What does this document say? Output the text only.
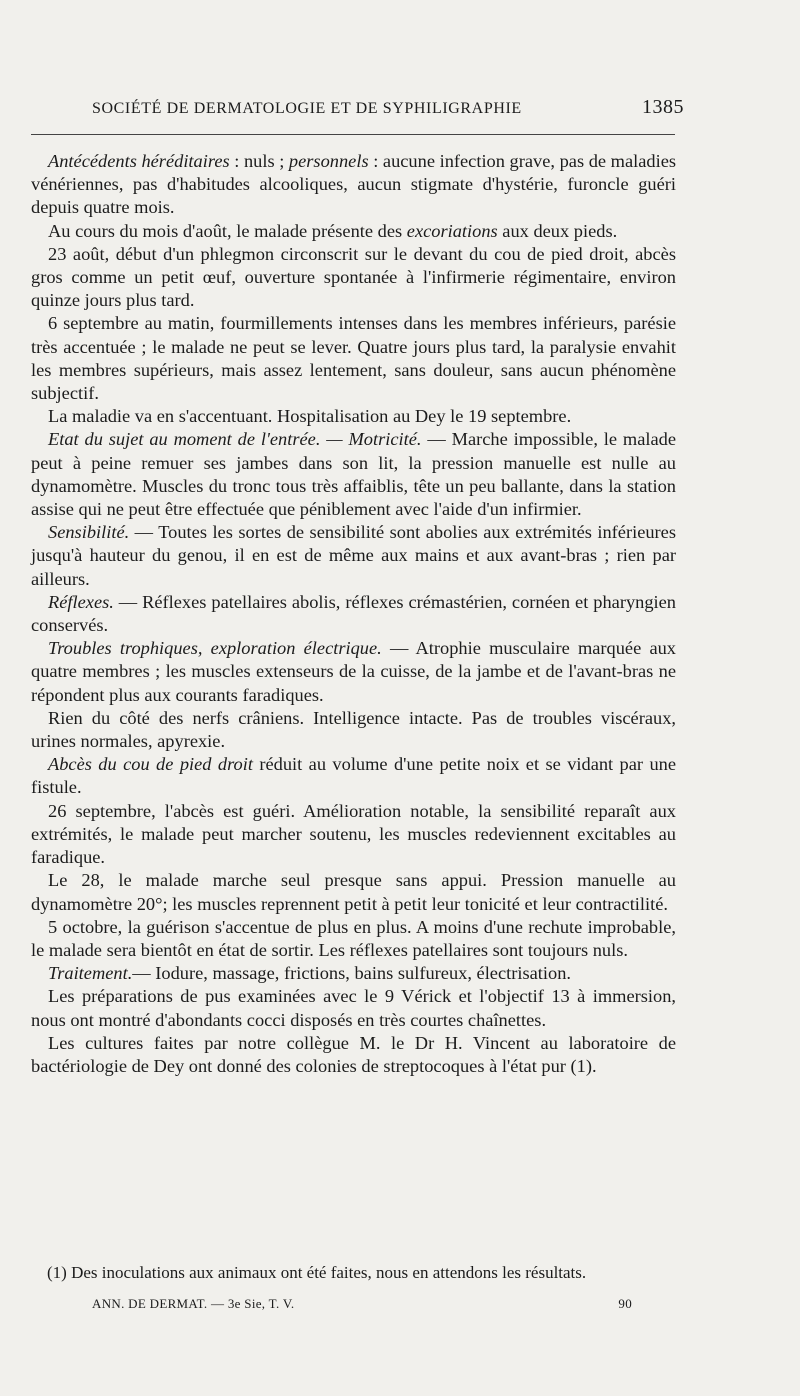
SOCIÉTÉ DE DERMATOLOGIE ET DE SYPHILIGRAPHIE	1385

Antécédents héréditaires : nuls ; personnels : aucune infection grave, pas de maladies vénériennes, pas d'habitudes alcooliques, aucun stigmate d'hystérie, furoncle guéri depuis quatre mois.

Au cours du mois d'août, le malade présente des excoriations aux deux pieds.

23 août, début d'un phlegmon circonscrit sur le devant du cou de pied droit, abcès gros comme un petit œuf, ouverture spontanée à l'infirmerie régimentaire, environ quinze jours plus tard.

6 septembre au matin, fourmillements intenses dans les membres inférieurs, parésie très accentuée ; le malade ne peut se lever. Quatre jours plus tard, la paralysie envahit les membres supérieurs, mais assez lentement, sans douleur, sans aucun phénomène subjectif.

La maladie va en s'accentuant. Hospitalisation au Dey le 19 septembre.

Etat du sujet au moment de l'entrée. — Motricité. — Marche impossible, le malade peut à peine remuer ses jambes dans son lit, la pression manuelle est nulle au dynamomètre. Muscles du tronc tous très affaiblis, tête un peu ballante, dans la station assise qui ne peut être effectuée que péniblement avec l'aide d'un infirmier.

Sensibilité. — Toutes les sortes de sensibilité sont abolies aux extrémités inférieures jusqu'à hauteur du genou, il en est de même aux mains et aux avant-bras ; rien par ailleurs.

Réflexes. — Réflexes patellaires abolis, réflexes crémastérien, cornéen et pharyngien conservés.

Troubles trophiques, exploration électrique. — Atrophie musculaire marquée aux quatre membres ; les muscles extenseurs de la cuisse, de la jambe et de l'avant-bras ne répondent plus aux courants faradiques.

Rien du côté des nerfs crâniens. Intelligence intacte. Pas de troubles viscéraux, urines normales, apyrexie.

Abcès du cou de pied droit réduit au volume d'une petite noix et se vidant par une fistule.

26 septembre, l'abcès est guéri. Amélioration notable, la sensibilité reparaît aux extrémités, le malade peut marcher soutenu, les muscles redeviennent excitables au faradique.

Le 28, le malade marche seul presque sans appui. Pression manuelle au dynamomètre 20°; les muscles reprennent petit à petit leur tonicité et leur contractilité.

5 octobre, la guérison s'accentue de plus en plus. A moins d'une rechute improbable, le malade sera bientôt en état de sortir. Les réflexes patellaires sont toujours nuls.

Traitement.— Iodure, massage, frictions, bains sulfureux, électrisation.

Les préparations de pus examinées avec le 9 Vérick et l'objectif 13 à immersion, nous ont montré d'abondants cocci disposés en très courtes chaînettes.

Les cultures faites par notre collègue M. le Dr H. Vincent au laboratoire de bactériologie de Dey ont donné des colonies de streptocoques à l'état pur (1).

(1) Des inoculations aux animaux ont été faites, nous en attendons les résultats.
ANN. DE DERMAT. — 3e Sie, T. V.	90
